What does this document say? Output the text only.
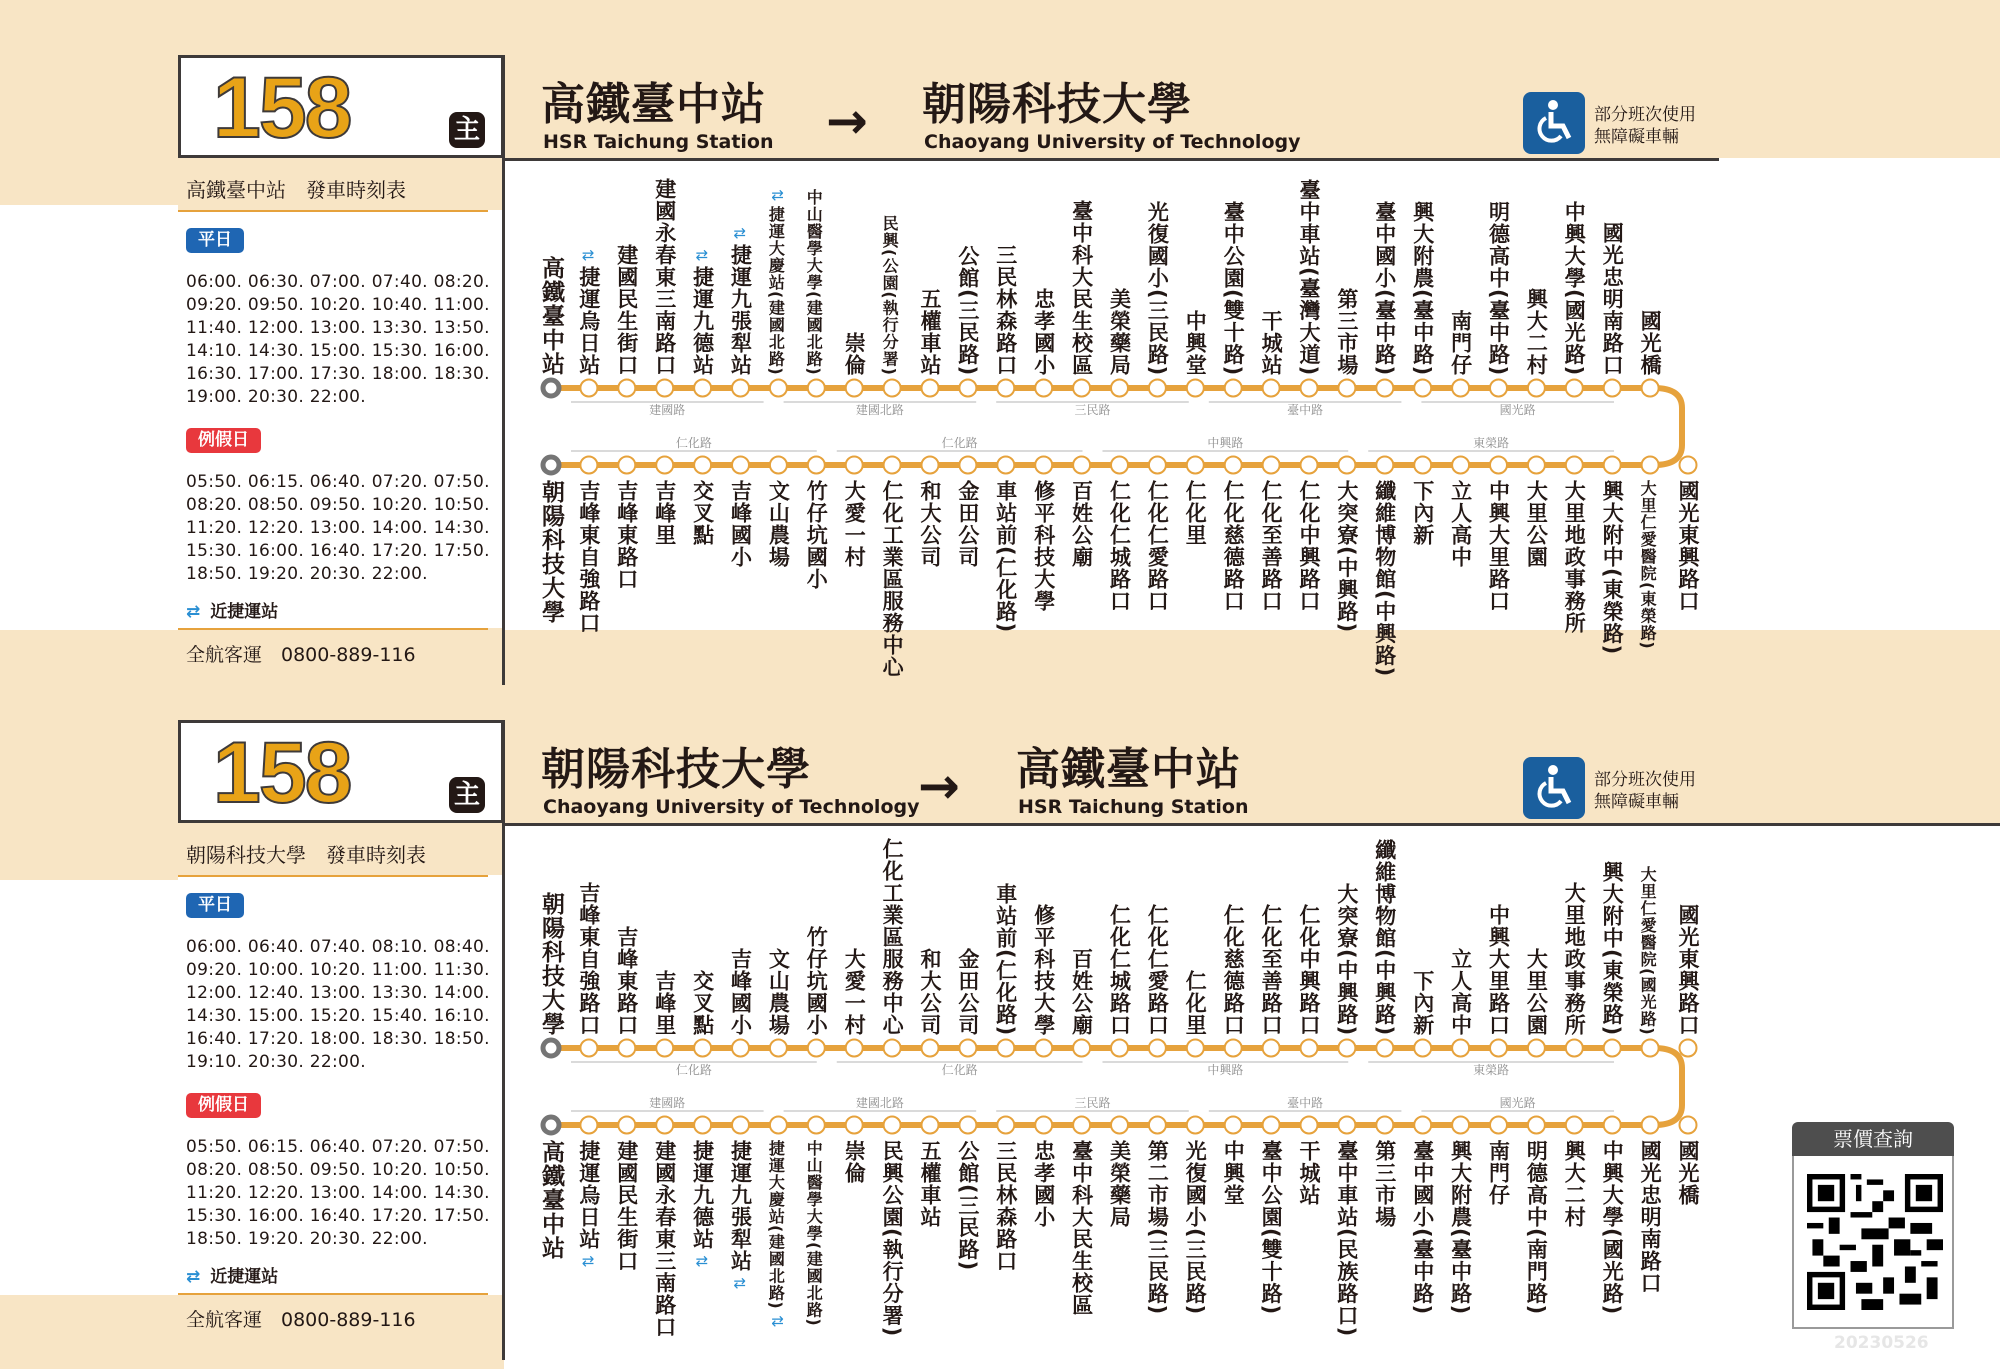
158	主 高鐵臺中站
HSR Taichung Station → 朝陽科技大學
Chaoyang University of Technology
部分班次使用
無障礙車輛
高鐵臺中站　發車時刻表
平日
06:00. 06:30. 07:00. 07:40. 08:20.
09:20. 09:50. 10:20. 10:40. 11:00.
11:40. 12:00. 13:00. 13:30. 13:50.
14:10. 14:30. 15:00. 15:30. 16:00.
16:30. 17:00. 17:30. 18:00. 18:30.
19:00. 20:30. 22:00.
例假日
05:50. 06:15. 06:40. 07:20. 07:50.
08:20. 08:50. 09:50. 10:20. 10:50.
11:20. 12:20. 13:00. 14:00. 14:30.
15:30. 16:00. 16:40. 17:20. 17:50.
18:50. 19:20. 20:30. 22:00.
⇄ 近捷運站
全航客運　0800-889-116
158	主 朝陽科技大學
Chaoyang University of Technology
→ 高鐵臺中站
HSR Taichung Station
部分班次使用
無障礙車輛
朝陽科技大學　發車時刻表
平日
06:00. 06:40. 07:40. 08:10. 08:40.
09:20. 10:00. 10:20. 11:00. 11:30.
12:00. 12:40. 13:00. 13:30. 14:00.
14:30. 15:00. 15:20. 15:40. 16:10.
16:40. 17:20. 18:00. 18:30. 18:50.
19:10. 20:30. 22:00.
例假日
05:50. 06:15. 06:40. 07:20. 07:50.
08:20. 08:50. 09:50. 10:20. 10:50.
11:20. 12:20. 13:00. 14:00. 14:30.
15:30. 16:00. 16:40. 17:20. 17:50.
18:50. 19:20. 20:30. 22:00.
⇄ 近捷運站
全航客運　0800-889-116
高鐵臺中站 捷運烏日站
⇄ 建國民生街口 建國永春東三南路口 捷運九德站
⇄ 捷運九張犁站
⇄ 捷運大慶站(建國北路)
⇄ 中山醫學大學(建國北路) 崇倫 民興(公園(執行分署) 五權車站 公館(三民路) 三民林森路口 忠孝國小 臺中科大民生校區 美榮藥局 光復國小(三民路) 中興堂 臺中公園(雙十路) 干城站 臺中車站(臺灣大道) 第三市場 臺中國小(臺中路) 興大附農(臺中路) 南門仔 明德高中(臺中路) 興大二村 中興大學(國光路) 國光忠明南路口 國光橋
朝陽科技大學 吉峰東自強路口 吉峰東路口 吉峰里 交叉點 吉峰國小 文山農場 竹仔坑國小 大愛一村 仁化工業區服務中心 和大公司 金田公司 車站前(仁化路) 修平科技大學 百姓公廟 仁化仁城路口 仁化仁愛路口 仁化里 仁化慈德路口 仁化至善路口 仁化中興路口 大突寮(中興路) 纖維博物館(中興路) 下內新 立人高中 中興大里路口 大里公園 大里地政事務所 興大附中(東榮路) 大里仁愛醫院(東榮路) 國光東興路口
建國路	建國北路	三民路	臺中路	國光路
仁化路	仁化路	中興路	東榮路
朝陽科技大學 吉峰東自強路口 吉峰東路口 吉峰里 交叉點 吉峰國小 文山農場 竹仔坑國小 大愛一村 仁化工業區服務中心 和大公司 金田公司 車站前(仁化路) 修平科技大學 百姓公廟 仁化仁城路口 仁化仁愛路口 仁化里 仁化慈德路口 仁化至善路口 仁化中興路口 大突寮(中興路) 纖維博物館(中興路) 下內新 立人高中 中興大里路口 大里公園 大里地政事務所 興大附中(東榮路) 大里仁愛醫院(國光路) 國光東興路口
高鐵臺中站 捷運烏日站
⇄ 建國民生街口 建國永春東三南路口 捷運九德站
⇄ 捷運九張犁站
⇄ 捷運大慶站(建國北路)
⇄ 中山醫學大學(建國北路) 崇倫 民興公園(執行分署) 五權車站 公館(三民路) 三民林森路口 忠孝國小 臺中科大民生校區 美榮藥局 第二市場(三民路) 光復國小(三民路) 中興堂 臺中公園(雙十路) 干城站 臺中車站(民族路口) 第三市場 臺中國小(臺中路) 興大附農(臺中路) 南門仔 明德高中(南門路) 興大二村 中興大學(國光路) 國光忠明南路口 國光橋
仁化路	仁化路	中興路	東榮路
建國路	建國北路	三民路	臺中路	國光路
票價查詢
20230526
